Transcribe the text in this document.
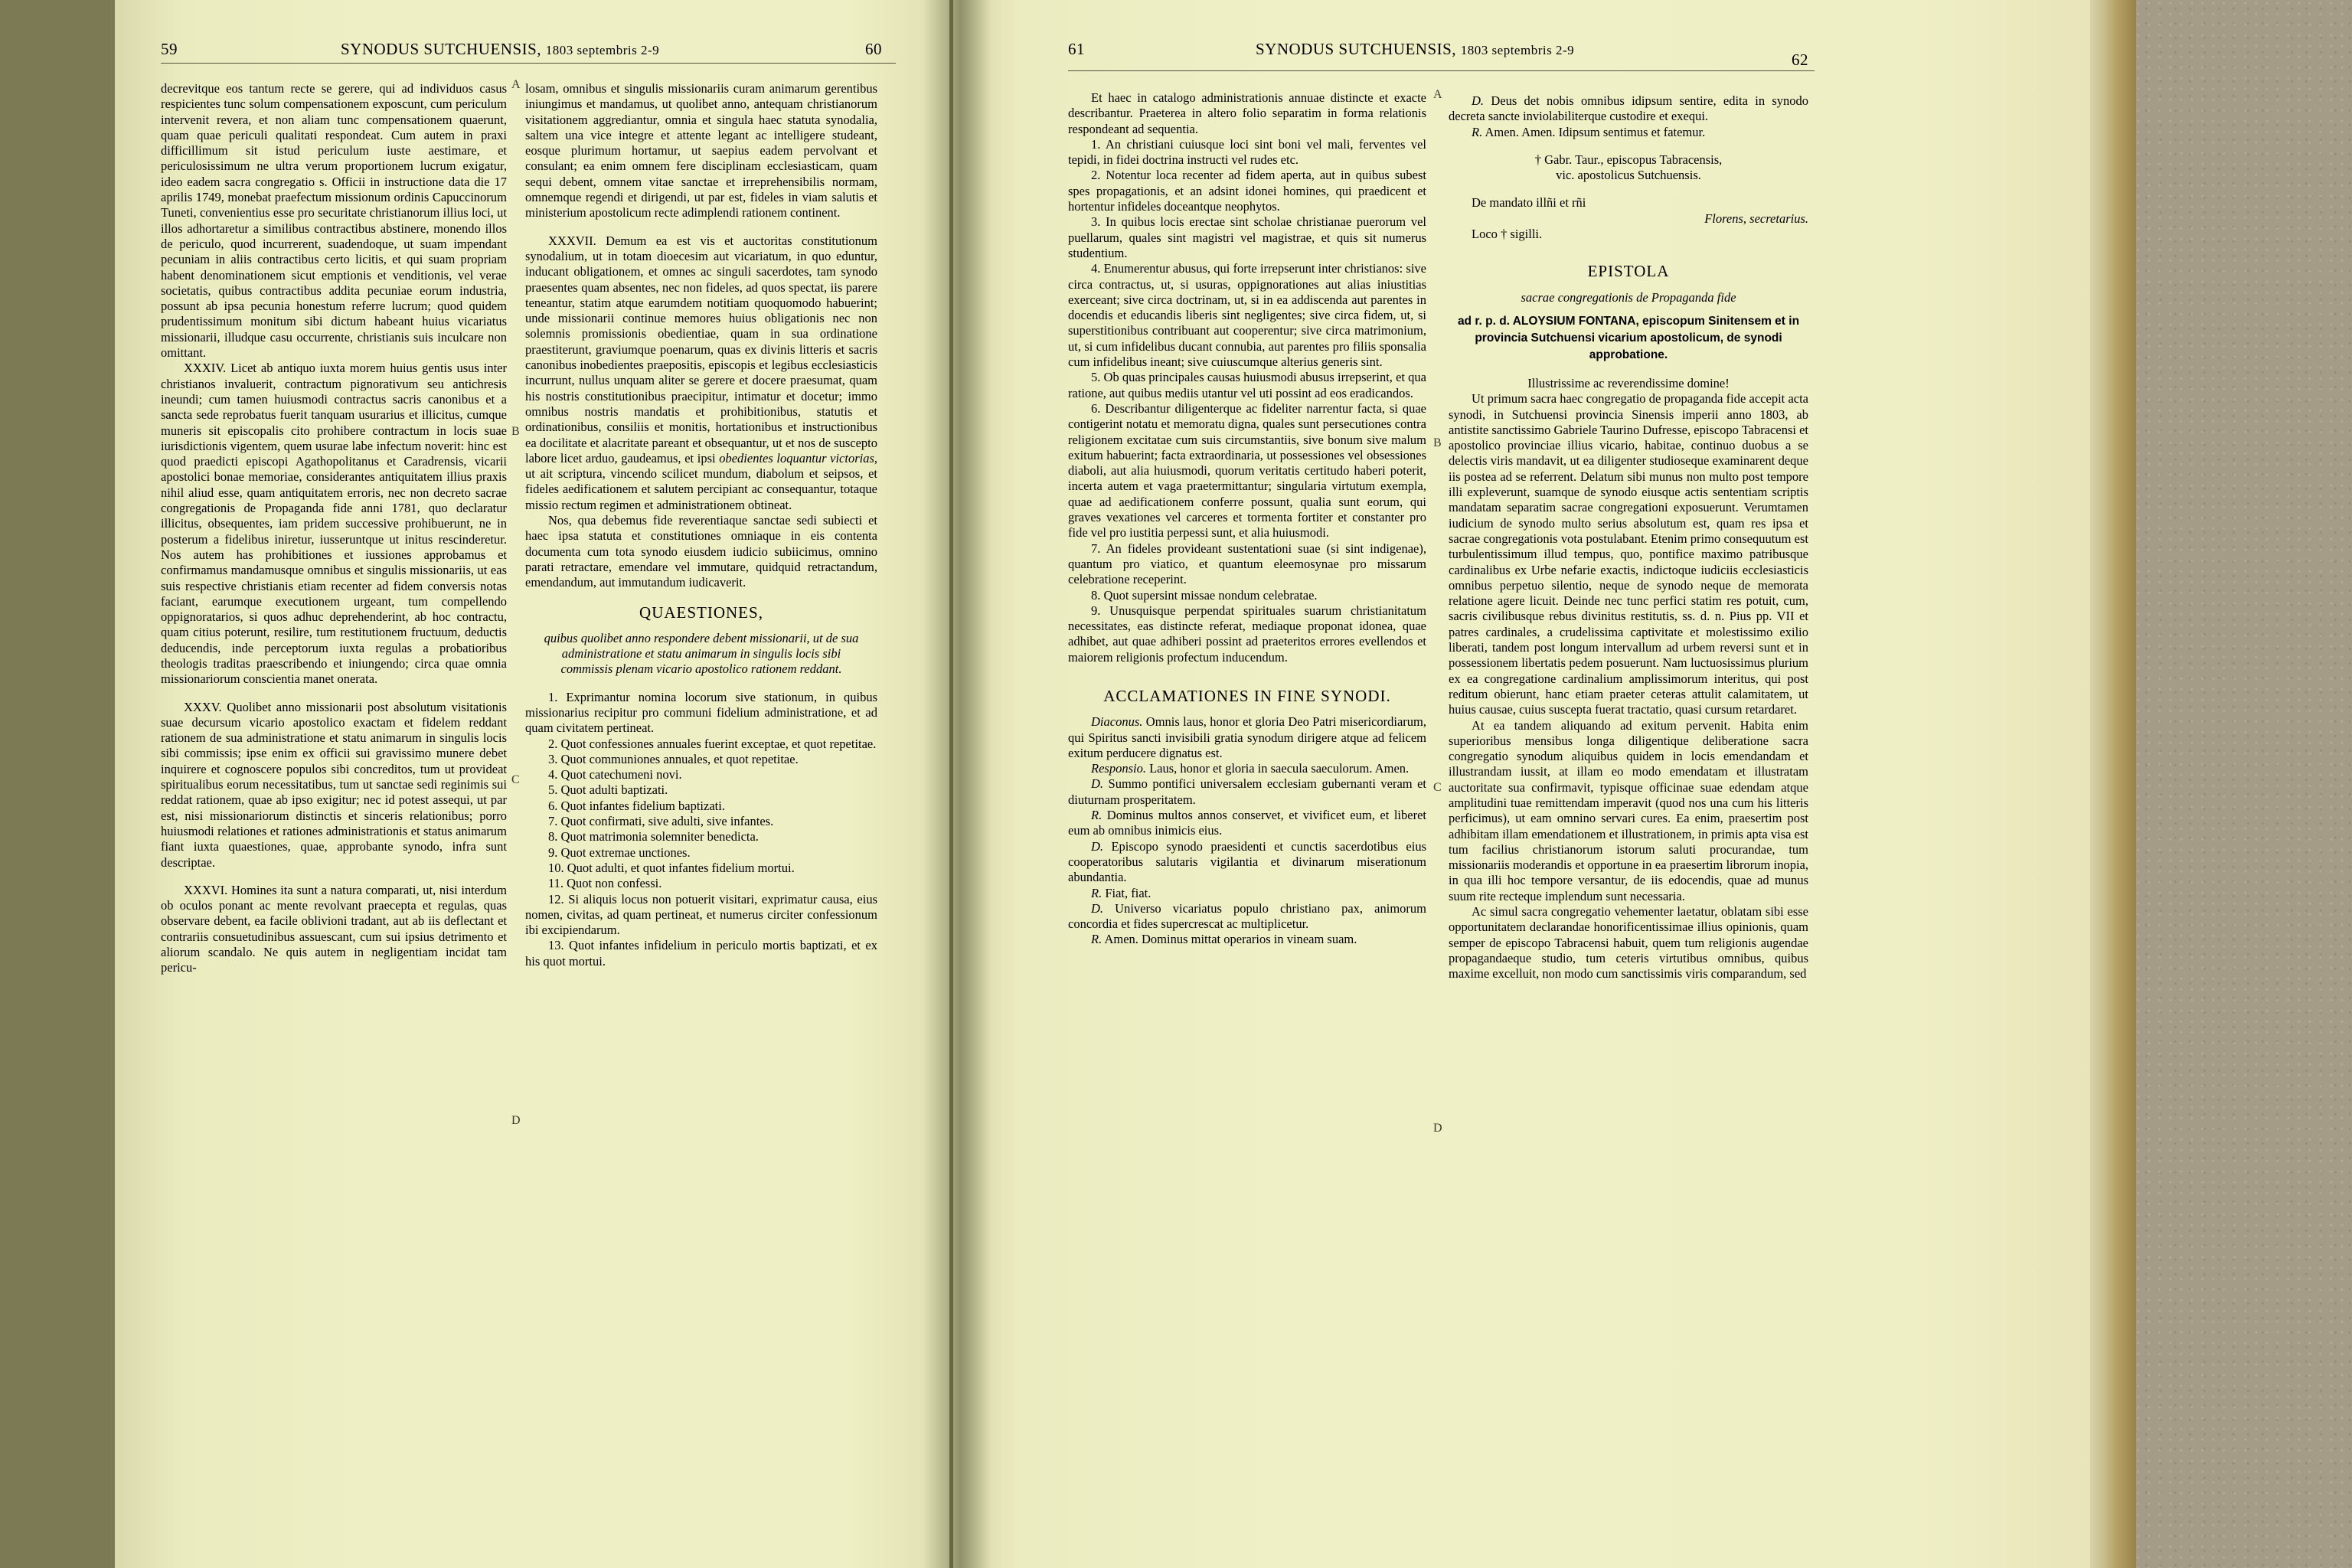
59	SYNODUS SUTCHUENSIS, 1803 septembris 2-9	60	61	SYNODUS SUTCHUENSIS, 1803 septembris 2-9
62
A
B
C
D
A
B
C
D

decrevitque eos tantum recte se gerere, qui ad individuos casus respicientes tunc solum compensationem exposcunt, cum periculum intervenit revera, et non aliam tunc compensationem quaerunt, quam quae periculi qualitati respondeat. Cum autem in praxi difficillimum sit istud periculum iuste aestimare, et periculosissimum ne ultra verum proportionem lucrum exigatur, ideo eadem sacra congregatio s. Officii in instructione data die 17 aprilis 1749, monebat praefectum missionum ordinis Capuccinorum Tuneti, convenientius esse pro securitate christianorum illius loci, ut illos adhortaretur a similibus contractibus abstinere, monendo illos de periculo, quod incurrerent, suadendoque, ut suam impendant pecuniam in aliis contractibus certo licitis, et qui suam propriam habent denominationem sicut emptionis et venditionis, vel verae societatis, quibus contractibus addita pecuniae eorum industria, possunt ab ipsa pecunia honestum referre lucrum; quod quidem prudentissimum monitum sibi dictum habeant huius vicariatus missionarii, illudque casu occurrente, christianis suis inculcare non omittant.

XXXIV. Licet ab antiquo iuxta morem huius gentis usus inter christianos invaluerit, contractum pignorativum seu antichresis ineundi; cum tamen huiusmodi contractus sacris canonibus et a sancta sede reprobatus fuerit tanquam usurarius et illicitus, cumque muneris sit episcopalis cito prohibere contractum in locis suae iurisdictionis vigentem, quem usurae labe infectum noverit: hinc est quod praedicti episcopi Agathopolitanus et Caradrensis, vicarii apostolici bonae memoriae, considerantes antiquitatem illius praxis nihil aliud esse, quam antiquitatem erroris, nec non decreto sacrae congregationis de Propaganda fide anni 1781, quo declaratur illicitus, obsequentes, iam pridem successive prohibuerunt, ne in posterum a fidelibus iniretur, iusseruntque ut initus rescinderetur. Nos autem has prohibitiones et iussiones approbamus et confirmamus mandamusque omnibus et singulis missionariis, ut eas suis respective christianis etiam recenter ad fidem conversis notas faciant, earumque executionem urgeant, tum compellendo oppignoratarios, si quos adhuc deprehenderint, ab hoc contractu, quam citius poterunt, resilire, tum restitutionem fructuum, deductis deducendis, inde perceptorum iuxta regulas a probatioribus theologis traditas praescribendo et iniungendo; circa quae omnia missionariorum conscientia manet onerata.

XXXV. Quolibet anno missionarii post absolutum visitationis suae decursum vicario apostolico exactam et fidelem reddant rationem de sua administratione et statu animarum in singulis locis sibi commissis; ipse enim ex officii sui gravissimo munere debet inquirere et cognoscere populos sibi concreditos, tum ut provideat spiritualibus eorum necessitatibus, tum ut sanctae sedi reginimis sui reddat rationem, quae ab ipso exigitur; nec id potest assequi, ut par est, nisi missionariorum distinctis et sinceris relationibus; porro huiusmodi relationes et rationes administrationis et status animarum fiant iuxta quaestiones, quae, approbante synodo, infra sunt descriptae.

XXXVI. Homines ita sunt a natura comparati, ut, nisi interdum ob oculos ponant ac mente revolvant praecepta et regulas, quas observare debent, ea facile oblivioni tradant, aut ab iis deflectant et contrariis consuetudinibus assuescant, cum sui ipsius detrimento et aliorum scandalo. Ne quis autem in negligentiam incidat tam pericu-

losam, omnibus et singulis missionariis curam animarum gerentibus iniungimus et mandamus, ut quolibet anno, antequam christianorum visitationem aggrediantur, omnia et singula haec statuta synodalia, saltem una vice integre et attente legant ac intelligere studeant, eosque plurimum hortamur, ut saepius eadem pervolvant et consulant; ea enim omnem fere disciplinam ecclesiasticam, quam sequi debent, omnem vitae sanctae et irreprehensibilis normam, omnemque regendi et dirigendi, ut par est, fideles in viam salutis et ministerium apostolicum recte adimplendi rationem continent.

XXXVII. Demum ea est vis et auctoritas constitutionum synodalium, ut in totam dioecesim aut vicariatum, in quo eduntur, inducant obligationem, et omnes ac singuli sacerdotes, tam synodo praesentes quam absentes, nec non fideles, ad quos spectat, iis parere teneantur, statim atque earumdem notitiam quoquomodo habuerint; unde missionarii continue memores huius obligationis nec non solemnis promissionis obedientiae, quam in sua ordinatione praestiterunt, graviumque poenarum, quas ex divinis litteris et sacris canonibus inobedientes praepositis, episcopis et legibus ecclesiasticis incurrunt, nullus unquam aliter se gerere et docere praesumat, quam his nostris constitutionibus praecipitur, intimatur et docetur; immo omnibus nostris mandatis et prohibitionibus, statutis et ordinationibus, consiliis et monitis, hortationibus et instructionibus ea docilitate et alacritate pareant et obsequantur, ut et nos de suscepto labore licet arduo, gaudeamus, et ipsi obedientes loquantur victorias, ut ait scriptura, vincendo scilicet mundum, diabolum et seipsos, et fideles aedificationem et salutem percipiant ac consequantur, totaque missio rectum regimen et administrationem obtineat.

Nos, qua debemus fide reverentiaque sanctae sedi subiecti et haec ipsa statuta et constitutiones omniaque in eis contenta documenta cum tota synodo eiusdem iudicio subiicimus, omnino parati retractare, emendare vel immutare, quidquid retractandum, emendandum, aut immutandum iudicaverit.

QUAESTIONES,

quibus quolibet anno respondere debent missionarii, ut de sua administratione et statu animarum in singulis locis sibi commissis plenam vicario apostolico rationem reddant.

1. Exprimantur nomina locorum sive stationum, in quibus missionarius recipitur pro communi fidelium administratione, et ad quam civitatem pertineat.

2. Quot confessiones annuales fuerint exceptae, et quot repetitae.

3. Quot communiones annuales, et quot repetitae.

4. Quot catechumeni novi.

5. Quot adulti baptizati.

6. Quot infantes fidelium baptizati.

7. Quot confirmati, sive adulti, sive infantes.

8. Quot matrimonia solemniter benedicta.

9. Quot extremae unctiones.

10. Quot adulti, et quot infantes fidelium mortui.

11. Quot non confessi.

12. Si aliquis locus non potuerit visitari, exprimatur causa, eius nomen, civitas, ad quam pertineat, et numerus circiter confessionum ibi excipiendarum.

13. Quot infantes infidelium in periculo mortis baptizati, et ex his quot mortui.

Et haec in catalogo administrationis annuae distincte et exacte describantur. Praeterea in altero folio separatim in forma relationis respondeant ad sequentia.

1. An christiani cuiusque loci sint boni vel mali, ferventes vel tepidi, in fidei doctrina instructi vel rudes etc.

2. Notentur loca recenter ad fidem aperta, aut in quibus subest spes propagationis, et an adsint idonei homines, qui praedicent et hortentur infideles doceantque neophytos.

3. In quibus locis erectae sint scholae christianae puerorum vel puellarum, quales sint magistri vel magistrae, et quis sit numerus studentium.

4. Enumerentur abusus, qui forte irrepserunt inter christianos: sive circa contractus, ut, si usuras, oppignorationes aut alias iniustitias exerceant; sive circa doctrinam, ut, si in ea addiscenda aut parentes in docendis et educandis liberis sint negligentes; sive circa fidem, ut, si superstitionibus contribuant aut cooperentur; sive circa matrimonium, ut, si cum infidelibus ducant connubia, aut parentes pro filiis sponsalia cum infidelibus ineant; sive cuiuscumque alterius generis sint.

5. Ob quas principales causas huiusmodi abusus irrepserint, et qua ratione, aut quibus mediis utantur vel uti possint ad eos eradicandos.

6. Describantur diligenterque ac fideliter narrentur facta, si quae contigerint notatu et memoratu digna, quales sunt persecutiones contra religionem excitatae cum suis circumstantiis, sive bonum sive malum exitum habuerint; facta extraordinaria, ut possessiones vel obsessiones diaboli, aut alia huiusmodi, quorum veritatis certitudo haberi poterit, incerta autem et vaga praetermittantur; singularia virtutum exempla, quae ad aedificationem conferre possunt, qualia sunt eorum, qui graves vexationes vel carceres et tormenta fortiter et constanter pro fide vel pro iustitia perpessi sunt, et alia huiusmodi.

7. An fideles provideant sustentationi suae (si sint indigenae), quantum pro viatico, et quantum eleemosynae pro missarum celebratione receperint.

8. Quot supersint missae nondum celebratae.

9. Unusquisque perpendat spirituales suarum christianitatum necessitates, eas distincte referat, mediaque proponat idonea, quae adhibet, aut quae adhiberi possint ad praeteritos errores evellendos et maiorem religionis profectum inducendum.

ACCLAMATIONES IN FINE SYNODI.

Diaconus. Omnis laus, honor et gloria Deo Patri misericordiarum, qui Spiritus sancti invisibili gratia synodum dirigere atque ad felicem exitum perducere dignatus est.

Responsio. Laus, honor et gloria in saecula saeculorum. Amen.

D. Summo pontifici universalem ecclesiam gubernanti veram et diuturnam prosperitatem.

R. Dominus multos annos conservet, et vivificet eum, et liberet eum ab omnibus inimicis eius.

D. Episcopo synodo praesidenti et cunctis sacerdotibus eius cooperatoribus salutaris vigilantia et divinarum miserationum abundantia.

R. Fiat, fiat.

D. Universo vicariatus populo christiano pax, animorum concordia et fides supercrescat ac multiplicetur.

R. Amen. Dominus mittat operarios in vineam suam.

D. Deus det nobis omnibus idipsum sentire, edita in synodo decreta sancte inviolabiliterque custodire et exequi.

R. Amen. Amen. Idipsum sentimus et fatemur.

† Gabr. Taur., episcopus Tabracensis,

vic. apostolicus Sutchuensis.

De mandato illñi et rñi

Florens, secretarius.

Loco † sigilli.

EPISTOLA

sacrae congregationis de Propaganda fide

ad r. p. d. ALOYSIUM FONTANA, episcopum Sinitensem et in provincia Sutchuensi vicarium apostolicum, de synodi approbatione.

Illustrissime ac reverendissime domine!

Ut primum sacra haec congregatio de propaganda fide accepit acta synodi, in Sutchuensi provincia Sinensis imperii anno 1803, ab antistite sanctissimo Gabriele Taurino Dufresse, episcopo Tabracensi et apostolico provinciae illius vicario, habitae, continuo duobus a se delectis viris mandavit, ut ea diligenter studioseque examinarent deque iis postea ad se referrent. Delatum sibi munus non multo post tempore illi expleverunt, suamque de synodo eiusque actis sententiam scriptis mandatam separatim sacrae congregationi exposuerunt. Verumtamen iudicium de synodo multo serius absolutum est, quam res ipsa et sacrae congregationis vota postulabant. Etenim primo consequutum est turbulentissimum illud tempus, quo, pontifice maximo patribusque cardinalibus ex Urbe nefarie exactis, indictoque iudiciis ecclesiasticis omnibus perpetuo silentio, neque de synodo neque de memorata relatione agere licuit. Deinde nec tunc perfici statim res potuit, cum, sacris civilibusque rebus divinitus restitutis, ss. d. n. Pius pp. VII et patres cardinales, a crudelissima captivitate et molestissimo exilio liberati, tandem post longum intervallum ad urbem reversi sunt et in possessionem libertatis pedem posuerunt. Nam luctuosissimus plurium ex ea congregatione cardinalium amplissimorum interitus, qui post reditum obierunt, hanc etiam praeter ceteras attulit calamitatem, ut huius causae, cuius suscepta fuerat tractatio, quasi cursum retardaret.

At ea tandem aliquando ad exitum pervenit. Habita enim superioribus mensibus longa diligentique deliberatione sacra congregatio synodum aliquibus quidem in locis emendandam et illustrandam iussit, at illam eo modo emendatam et illustratam auctoritate sua confirmavit, typisque officinae suae edendam atque amplitudini tuae remittendam imperavit (quod nos una cum his litteris perficimus), ut eam omnino servari cures. Ea enim, praesertim post adhibitam illam emendationem et illustrationem, in primis apta visa est tum facilius christianorum istorum saluti procurandae, tum missionariis moderandis et opportune in ea praesertim librorum inopia, in qua illi hoc tempore versantur, de iis edocendis, quae ad munus suum rite recteque implendum sunt necessaria.

Ac simul sacra congregatio vehementer laetatur, oblatam sibi esse opportunitatem declarandae honorificentissimae illius opinionis, quam semper de episcopo Tabracensi habuit, quem tum religionis augendae propagandaeque studio, tum ceteris virtutibus omnibus, quibus maxime excelluit, non modo cum sanctissimis viris comparandum, sed
